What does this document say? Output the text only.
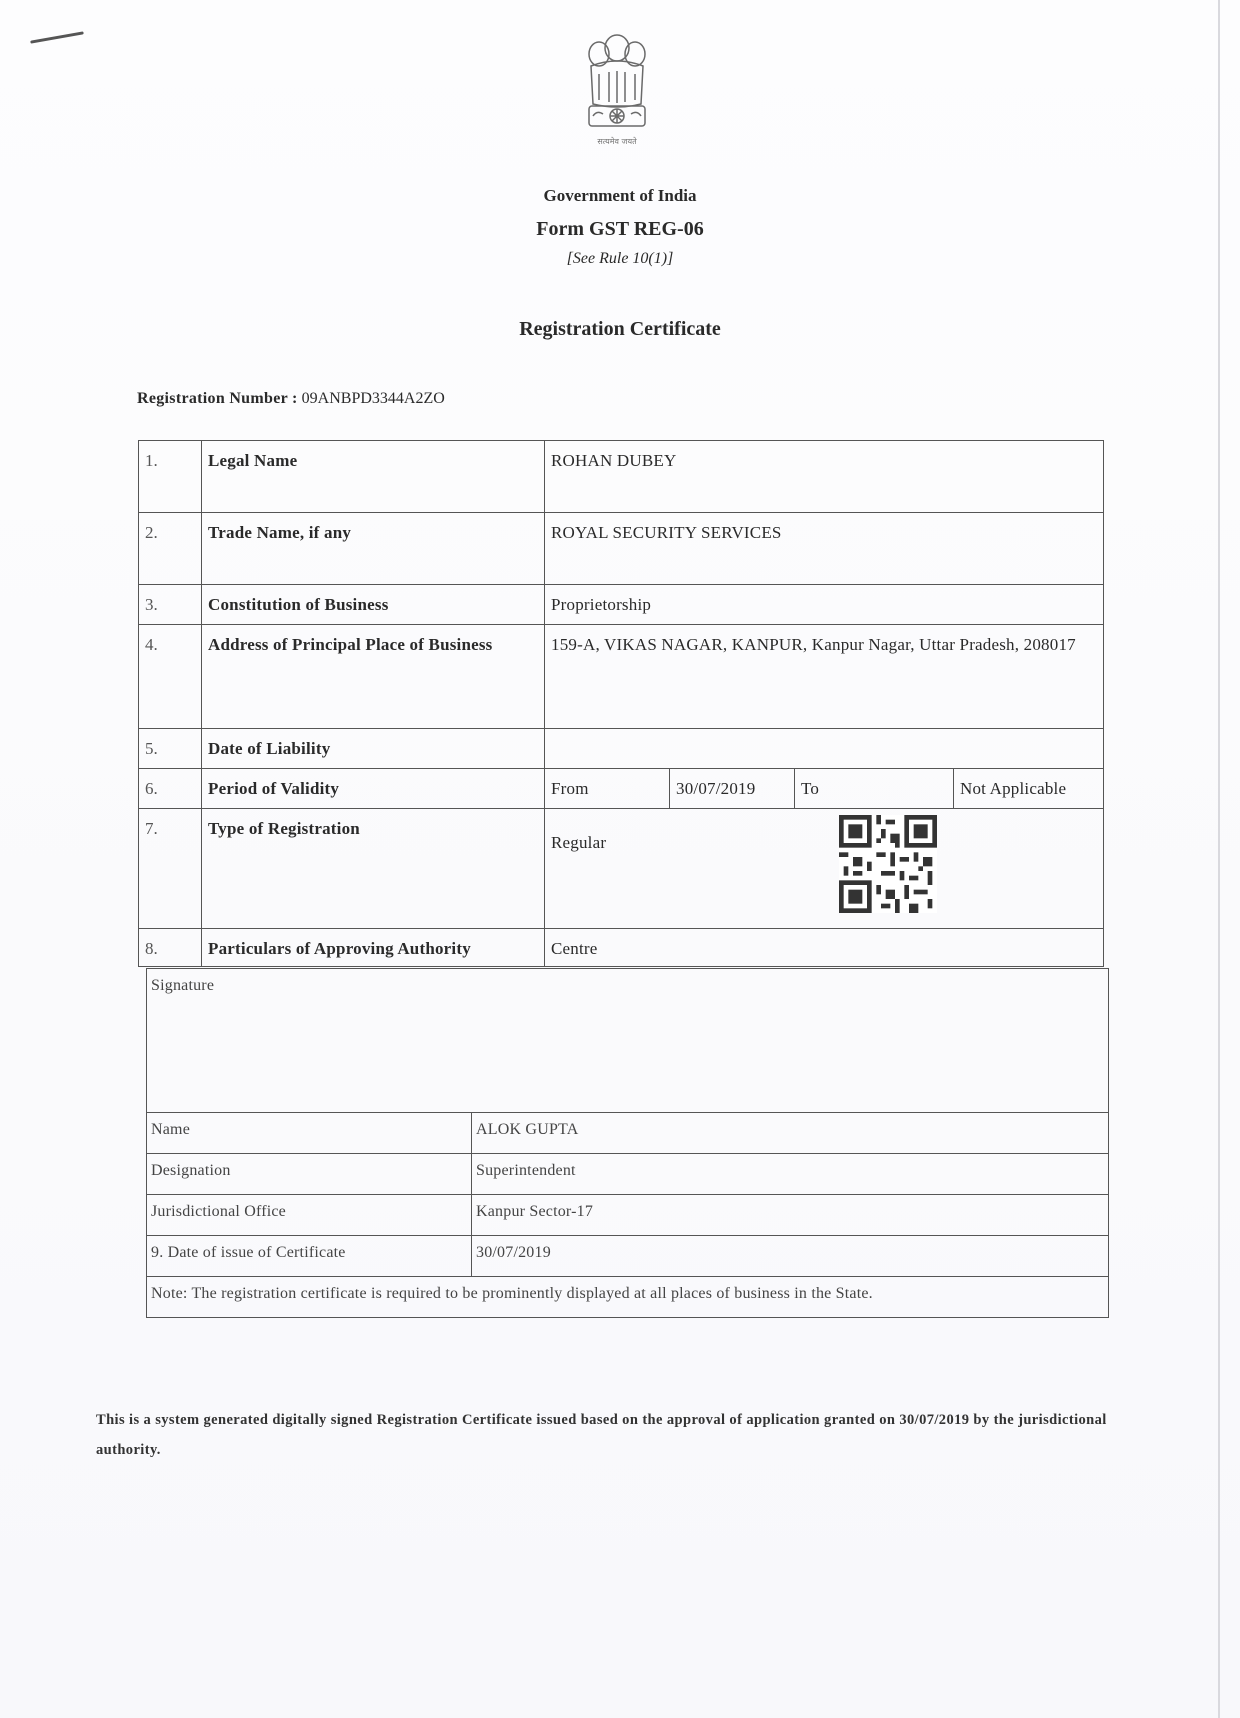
सत्यमेव जयते
Government of India
Form GST REG-06
[See Rule 10(1)]
Registration Certificate
Registration Number : 09ANBPD3344A2ZO
1.	Legal Name	ROHAN DUBEY			
2.	Trade Name, if any	ROYAL SECURITY SERVICES			
3.	Constitution of Business	Proprietorship			
4.	Address of Principal Place of Business	159-A, VIKAS NAGAR, KANPUR, Kanpur Nagar, Uttar Pradesh, 208017			
5.	Date of Liability				
6.	Period of Validity	From	30/07/2019	To	Not Applicable
7.	Type of Registration	Regular			

8.	Particulars of Approving Authority	Centre			
Signature	
Name	ALOK GUPTA
Designation	Superintendent
Jurisdictional Office	Kanpur Sector-17
9. Date of issue of Certificate	30/07/2019
Note: The registration certificate is required to be prominently displayed at all places of business in the State.	
This is a system generated digitally signed Registration Certificate issued based on the approval of application granted on 30/07/2019 by the jurisdictional authority.
